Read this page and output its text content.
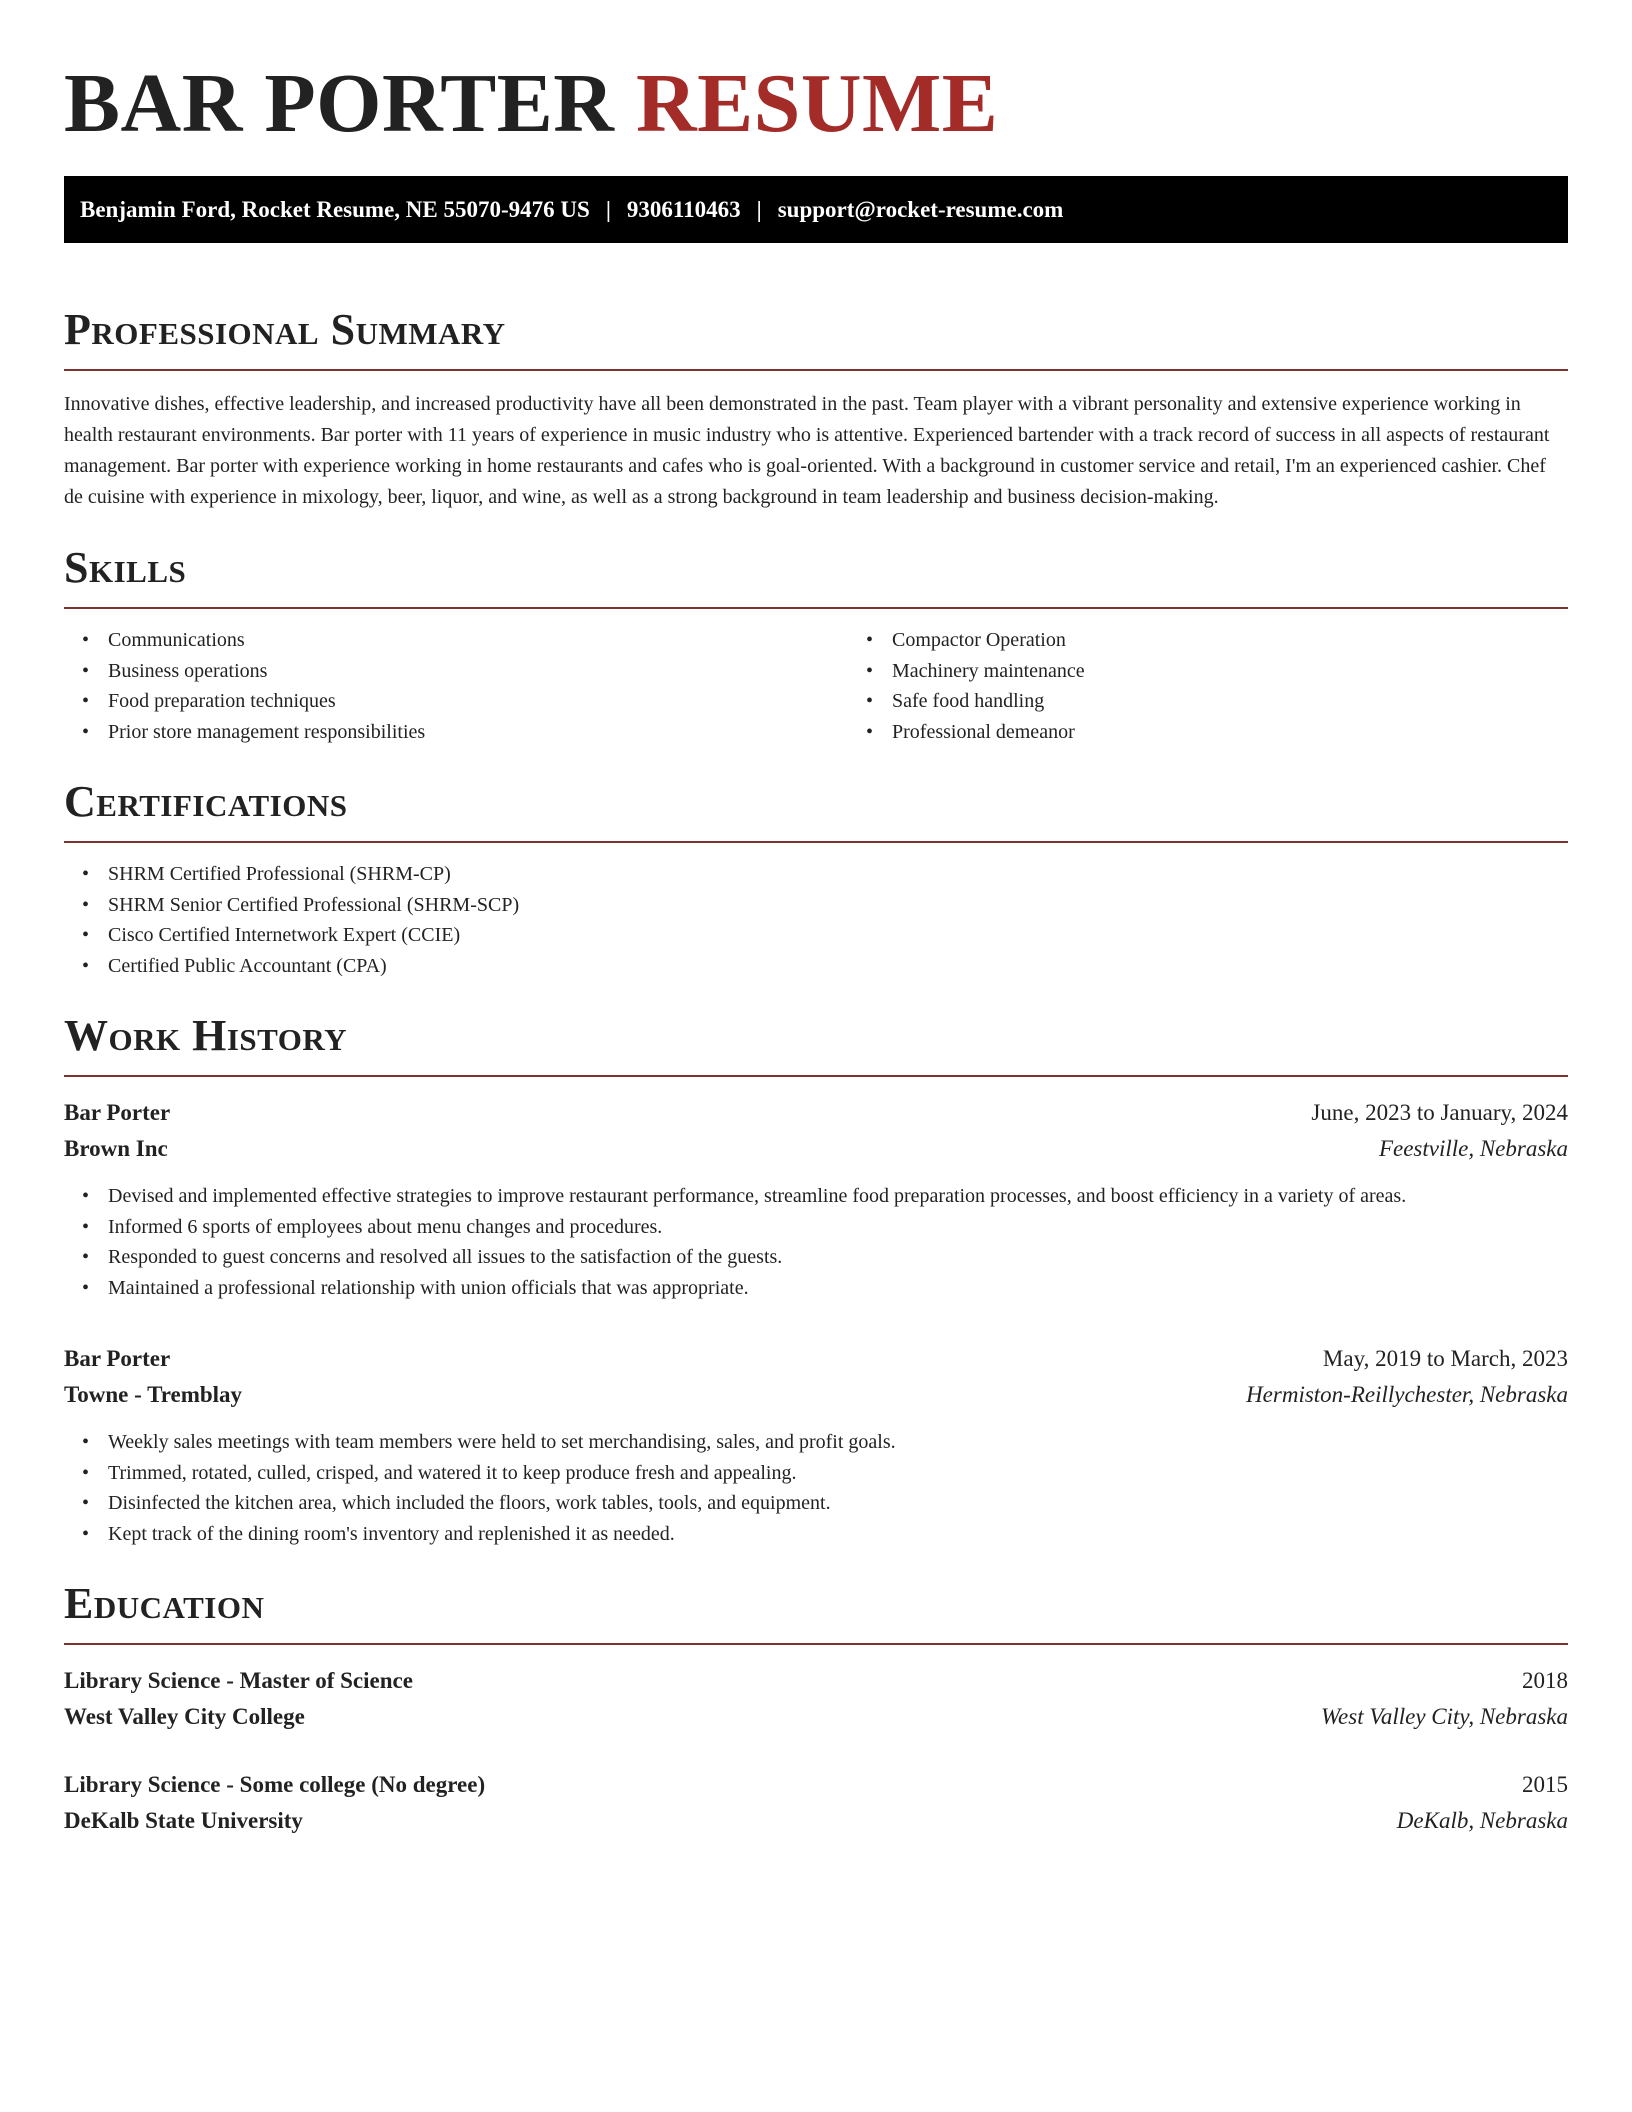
BAR PORTER RESUME
Benjamin Ford, Rocket Resume, NE 55070-9476 US | 9306110463 | support@rocket-resume.com
Professional Summary

Innovative dishes, effective leadership, and increased productivity have all been demonstrated in the past. Team player with a vibrant personality and extensive experience working in health restaurant environments. Bar porter with 11 years of experience in music industry who is attentive. Experienced bartender with a track record of success in all aspects of restaurant management. Bar porter with experience working in home restaurants and cafes who is goal-oriented. With a background in customer service and retail, I'm an experienced cashier. Chef de cuisine with experience in mixology, beer, liquor, and wine, as well as a strong background in team leadership and business decision-making.

Skills
• Communications
• Business operations
• Food preparation techniques
• Prior store management responsibilities
• Compactor Operation
• Machinery maintenance
• Safe food handling
• Professional demeanor
Certifications
• SHRM Certified Professional (SHRM-CP)
• SHRM Senior Certified Professional (SHRM-SCP)
• Cisco Certified Internetwork Expert (CCIE)
• Certified Public Accountant (CPA)
Work History
Bar Porter	June, 2023 to January, 2024
Brown Inc	Feestville, Nebraska
• Devised and implemented effective strategies to improve restaurant performance, streamline food preparation processes, and boost efficiency in a variety of areas.
• Informed 6 sports of employees about menu changes and procedures.
• Responded to guest concerns and resolved all issues to the satisfaction of the guests.
• Maintained a professional relationship with union officials that was appropriate.
Bar Porter	May, 2019 to March, 2023
Towne - Tremblay	Hermiston-Reillychester, Nebraska
• Weekly sales meetings with team members were held to set merchandising, sales, and profit goals.
• Trimmed, rotated, culled, crisped, and watered it to keep produce fresh and appealing.
• Disinfected the kitchen area, which included the floors, work tables, tools, and equipment.
• Kept track of the dining room's inventory and replenished it as needed.
Education
Library Science - Master of Science	2018
West Valley City College	West Valley City, Nebraska
Library Science - Some college (No degree)	2015
DeKalb State University	DeKalb, Nebraska
